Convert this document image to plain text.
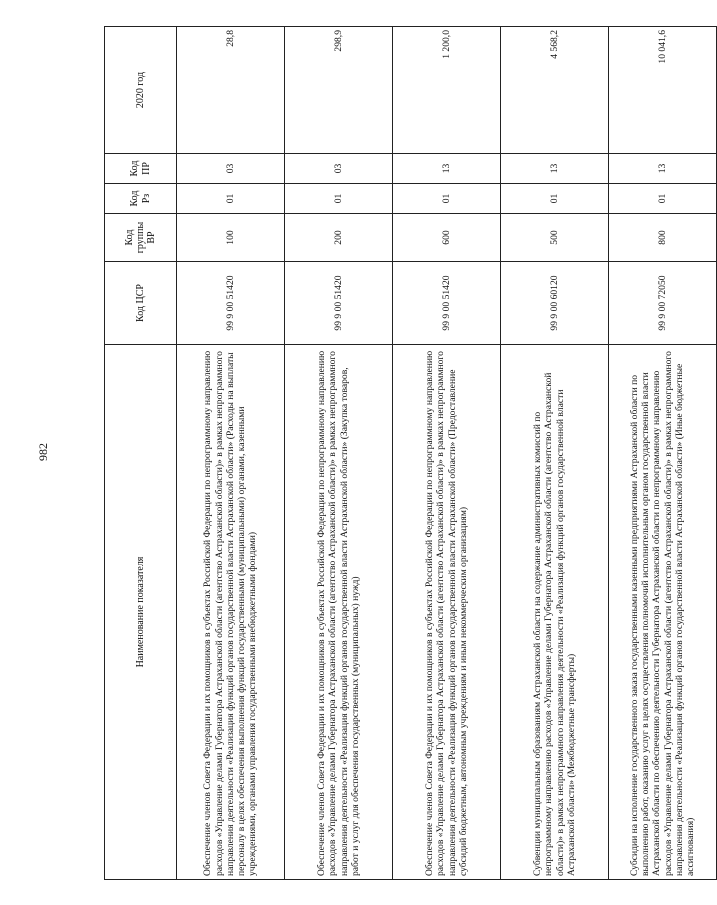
982
Наименование показателя	Код ЦСР	Код группы ВР	Код Рз	Код ПР	2020 год
Обеспечение членов Совета Федерации и их помощников в субъектах Российской Федерации по непрограммному направлению расходов «Управление делами Губернатора Астраханской области (агентство Астраханской области)» в рамках непрограммного направления деятельности «Реализация функций органов государственной власти Астраханской области» (Расходы на выплаты персоналу в целях обеспечения выполнения функций государственными (муниципальными) органами, казенными учреждениями, органами управления государственными внебюджетными фондами)	99 9 00 51420	100	01	03	28,8
Обеспечение членов Совета Федерации и их помощников в субъектах Российской Федерации по непрограммному направлению расходов «Управление делами Губернатора Астраханской области (агентство Астраханской области)» в рамках непрограммного направления деятельности «Реализация функций органов государственной власти Астраханской области» (Закупка товаров, работ и услуг для обеспечения государственных (муниципальных) нужд)	99 9 00 51420	200	01	03	298,9
Обеспечение членов Совета Федерации и их помощников в субъектах Российской Федерации по непрограммному направлению расходов «Управление делами Губернатора Астраханской области (агентство Астраханской области)» в рамках непрограммного направления деятельности «Реализация функций органов государственной власти Астраханской области» (Предоставление субсидий бюджетным, автономным учреждениям и иным некоммерческим организациям)	99 9 00 51420	600	01	13	1 200,0
Субвенции муниципальным образованиям Астраханской области на содержание административных комиссий по непрограммному направлению расходов «Управление делами Губернатора Астраханской области (агентство Астраханской области)» в рамках непрограммного направления деятельности «Реализация функций органов государственной власти Астраханской области» (Межбюджетные трансферты)	99 9 00 60120	500	01	13	4 568,2
Субсидии на исполнение государственного заказа государственными казенными предприятиями Астраханской области по выполнению работ, оказанию услуг в целях осуществления полномочий исполнительным органом государственной власти Астраханской области по обеспечению деятельности Губернатора Астраханской области по непрограммному направлению расходов «Управление делами Губернатора Астраханской области (агентство Астраханской области)» в рамках непрограммного направления деятельности «Реализация функций органов государственной власти Астраханской области» (Иные бюджетные ассигнования)	99 9 00 72050	800	01	13	10 041,6
